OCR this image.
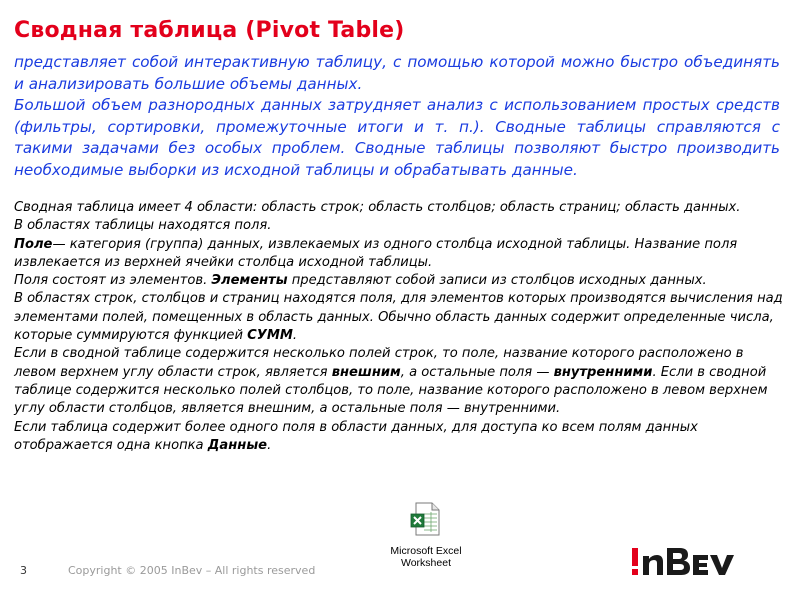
Сводная таблица (Pivot Table)

представляет собой интерактивную таблицу, с помощью которой можно быстро объединять и анализировать большие объемы данных.

Большой объем разнородных данных затрудняет анализ с использованием простых средств (фильтры, сортировки, промежуточные итоги и т. п.). Сводные таблицы справляются с такими задачами без особых проблем. Сводные таблицы позволяют быстро производить необходимые выборки из исходной таблицы и обрабатывать данные.

Сводная таблица имеет 4 области: область строк; область столбцов; область страниц; область данных.

В областях таблицы находятся поля.

Поле— категория (группа) данных, извлекаемых из одного столбца исходной таблицы. Название поля извлекается из верхней ячейки столбца исходной таблицы.

Поля состоят из элементов. Элементы представляют собой записи из столбцов исходных данных.

В областях строк, столбцов и страниц находятся поля, для элементов которых производятся вычисления над элементами полей, помещенных в область данных. Обычно область данных содержит определенные числа, которые суммируются функцией СУММ.

Если в сводной таблице содержится несколько полей строк, то поле, название которого расположено в левом верхнем углу области строк, является внешним, а остальные поля — внутренними. Если в сводной таблице содержится несколько полей столбцов, то поле, название которого расположено в левом верхнем углу области столбцов, является внешним, а остальные поля — внутренними.

Если таблица содержит более одного поля в области данных, для доступа ко всем полям данных отображается одна кнопка Данные.

Microsoft Excel
Worksheet
3	Copyright © 2005 InBev – All rights reserved
